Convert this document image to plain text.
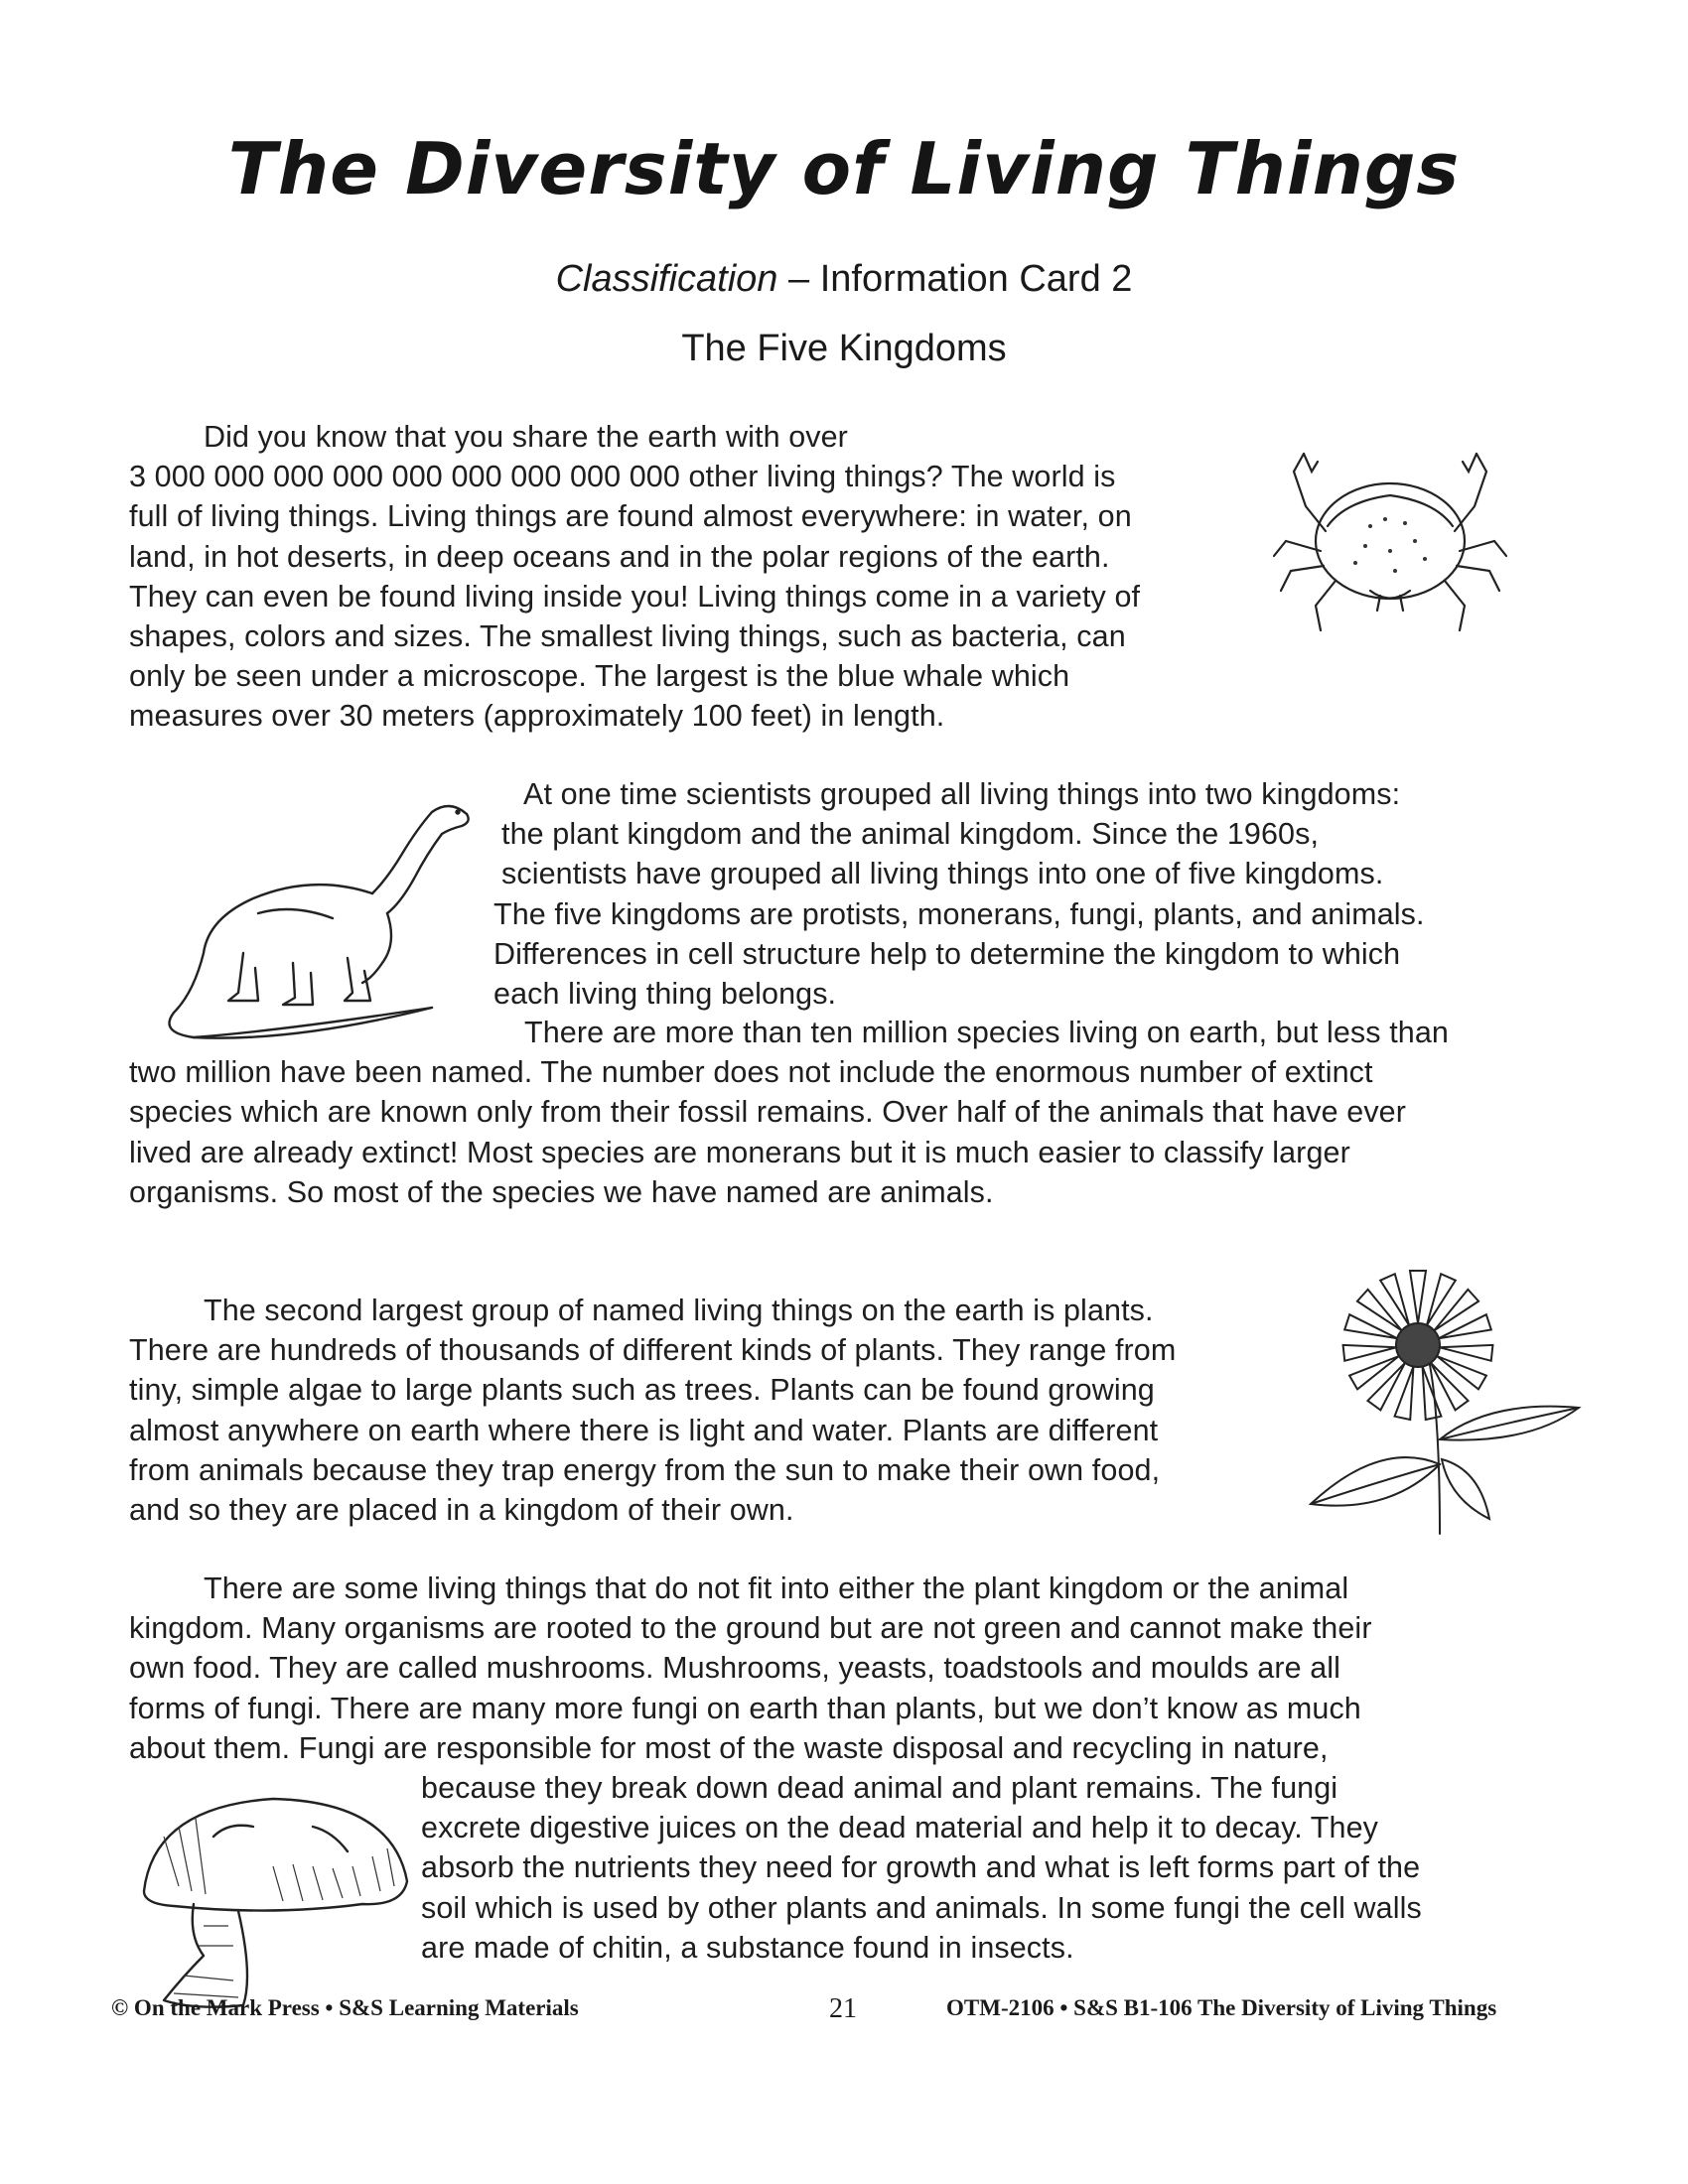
The Diversity of Living Things
Classification – Information Card 2
The Five Kingdoms
Did you know that you share the earth with over
3 000 000 000 000 000 000 000 000 000 other living things? The world is
full of living things. Living things are found almost everywhere: in water, on
land, in hot deserts, in deep oceans and in the polar regions of the earth.
They can even be found living inside you! Living things come in a variety of
shapes, colors and sizes. The smallest living things, such as bacteria, can
only be seen under a microscope. The largest is the blue whale which
measures over 30 meters (approximately 100 feet) in length.
At one time scientists grouped all living things into two kingdoms:
the plant kingdom and the animal kingdom. Since the 1960s,
scientists have grouped all living things into one of five kingdoms.
The five kingdoms are protists, monerans, fungi, plants, and animals.
Differences in cell structure help to determine the kingdom to which
each living thing belongs.
There are more than ten million species living on earth, but less than
two million have been named. The number does not include the enormous number of extinct
species which are known only from their fossil remains. Over half of the animals that have ever
lived are already extinct! Most species are monerans but it is much easier to classify larger
organisms. So most of the species we have named are animals.
The second largest group of named living things on the earth is plants.
There are hundreds of thousands of different kinds of plants. They range from
tiny, simple algae to large plants such as trees. Plants can be found growing
almost anywhere on earth where there is light and water. Plants are different
from animals because they trap energy from the sun to make their own food,
and so they are placed in a kingdom of their own.
There are some living things that do not fit into either the plant kingdom or the animal
kingdom. Many organisms are rooted to the ground but are not green and cannot make their
own food. They are called mushrooms. Mushrooms, yeasts, toadstools and moulds are all
forms of fungi. There are many more fungi on earth than plants, but we don’t know as much
about them. Fungi are responsible for most of the waste disposal and recycling in nature,
because they break down dead animal and plant remains. The fungi
excrete digestive juices on the dead material and help it to decay. They
absorb the nutrients they need for growth and what is left forms part of the
soil which is used by other plants and animals. In some fungi the cell walls
are made of chitin, a substance found in insects.
© On the Mark Press • S&S Learning Materials	21	OTM-2106 • S&S B1-106 The Diversity of Living Things
